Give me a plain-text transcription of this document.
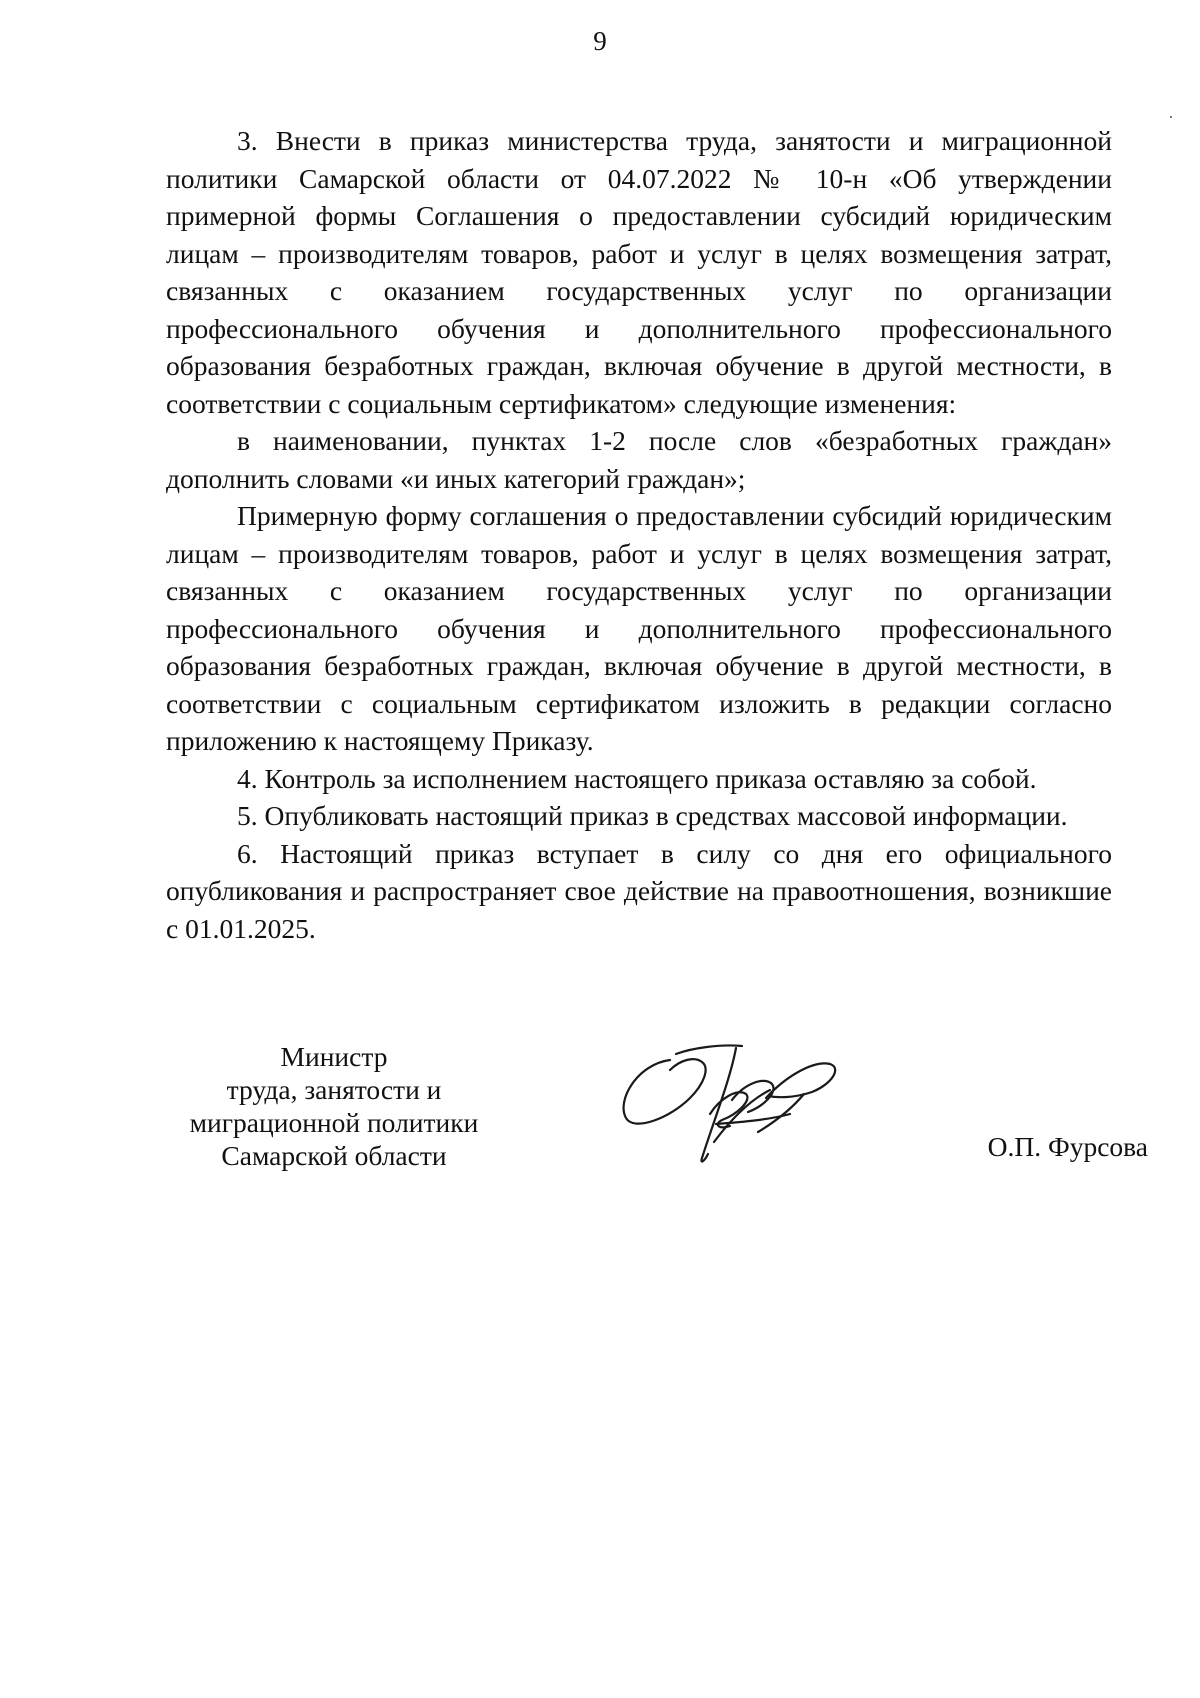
9

3. Внести в приказ министерства труда, занятости и миграционной политики Самарской области от 04.07.2022 № 10-н «Об утверждении примерной формы Соглашения о предоставлении субсидий юридическим лицам – производителям товаров, работ и услуг в целях возмещения затрат, связанных с оказанием государственных услуг по организации профессионального обучения и дополнительного профессионального образования безработных граждан, включая обучение в другой местности, в соответствии с социальным сертификатом» следующие изменения:

в наименовании, пунктах 1-2 после слов «безработных граждан» дополнить словами «и иных категорий граждан»;

Примерную форму соглашения о предоставлении субсидий юридическим лицам – производителям товаров, работ и услуг в целях возмещения затрат, связанных с оказанием государственных услуг по организации профессионального обучения и дополнительного профессионального образования безработных граждан, включая обучение в другой местности, в соответствии с социальным сертификатом изложить в редакции согласно приложению к настоящему Приказу.

4. Контроль за исполнением настоящего приказа оставляю за собой.

5. Опубликовать настоящий приказ в средствах массовой информации.

6. Настоящий приказ вступает в силу со дня его официального опубликования и распространяет свое действие на правоотношения, возникшие с 01.01.2025.

Министр
труда, занятости и
миграционной политики
Самарской области	О.П. Фурсова
